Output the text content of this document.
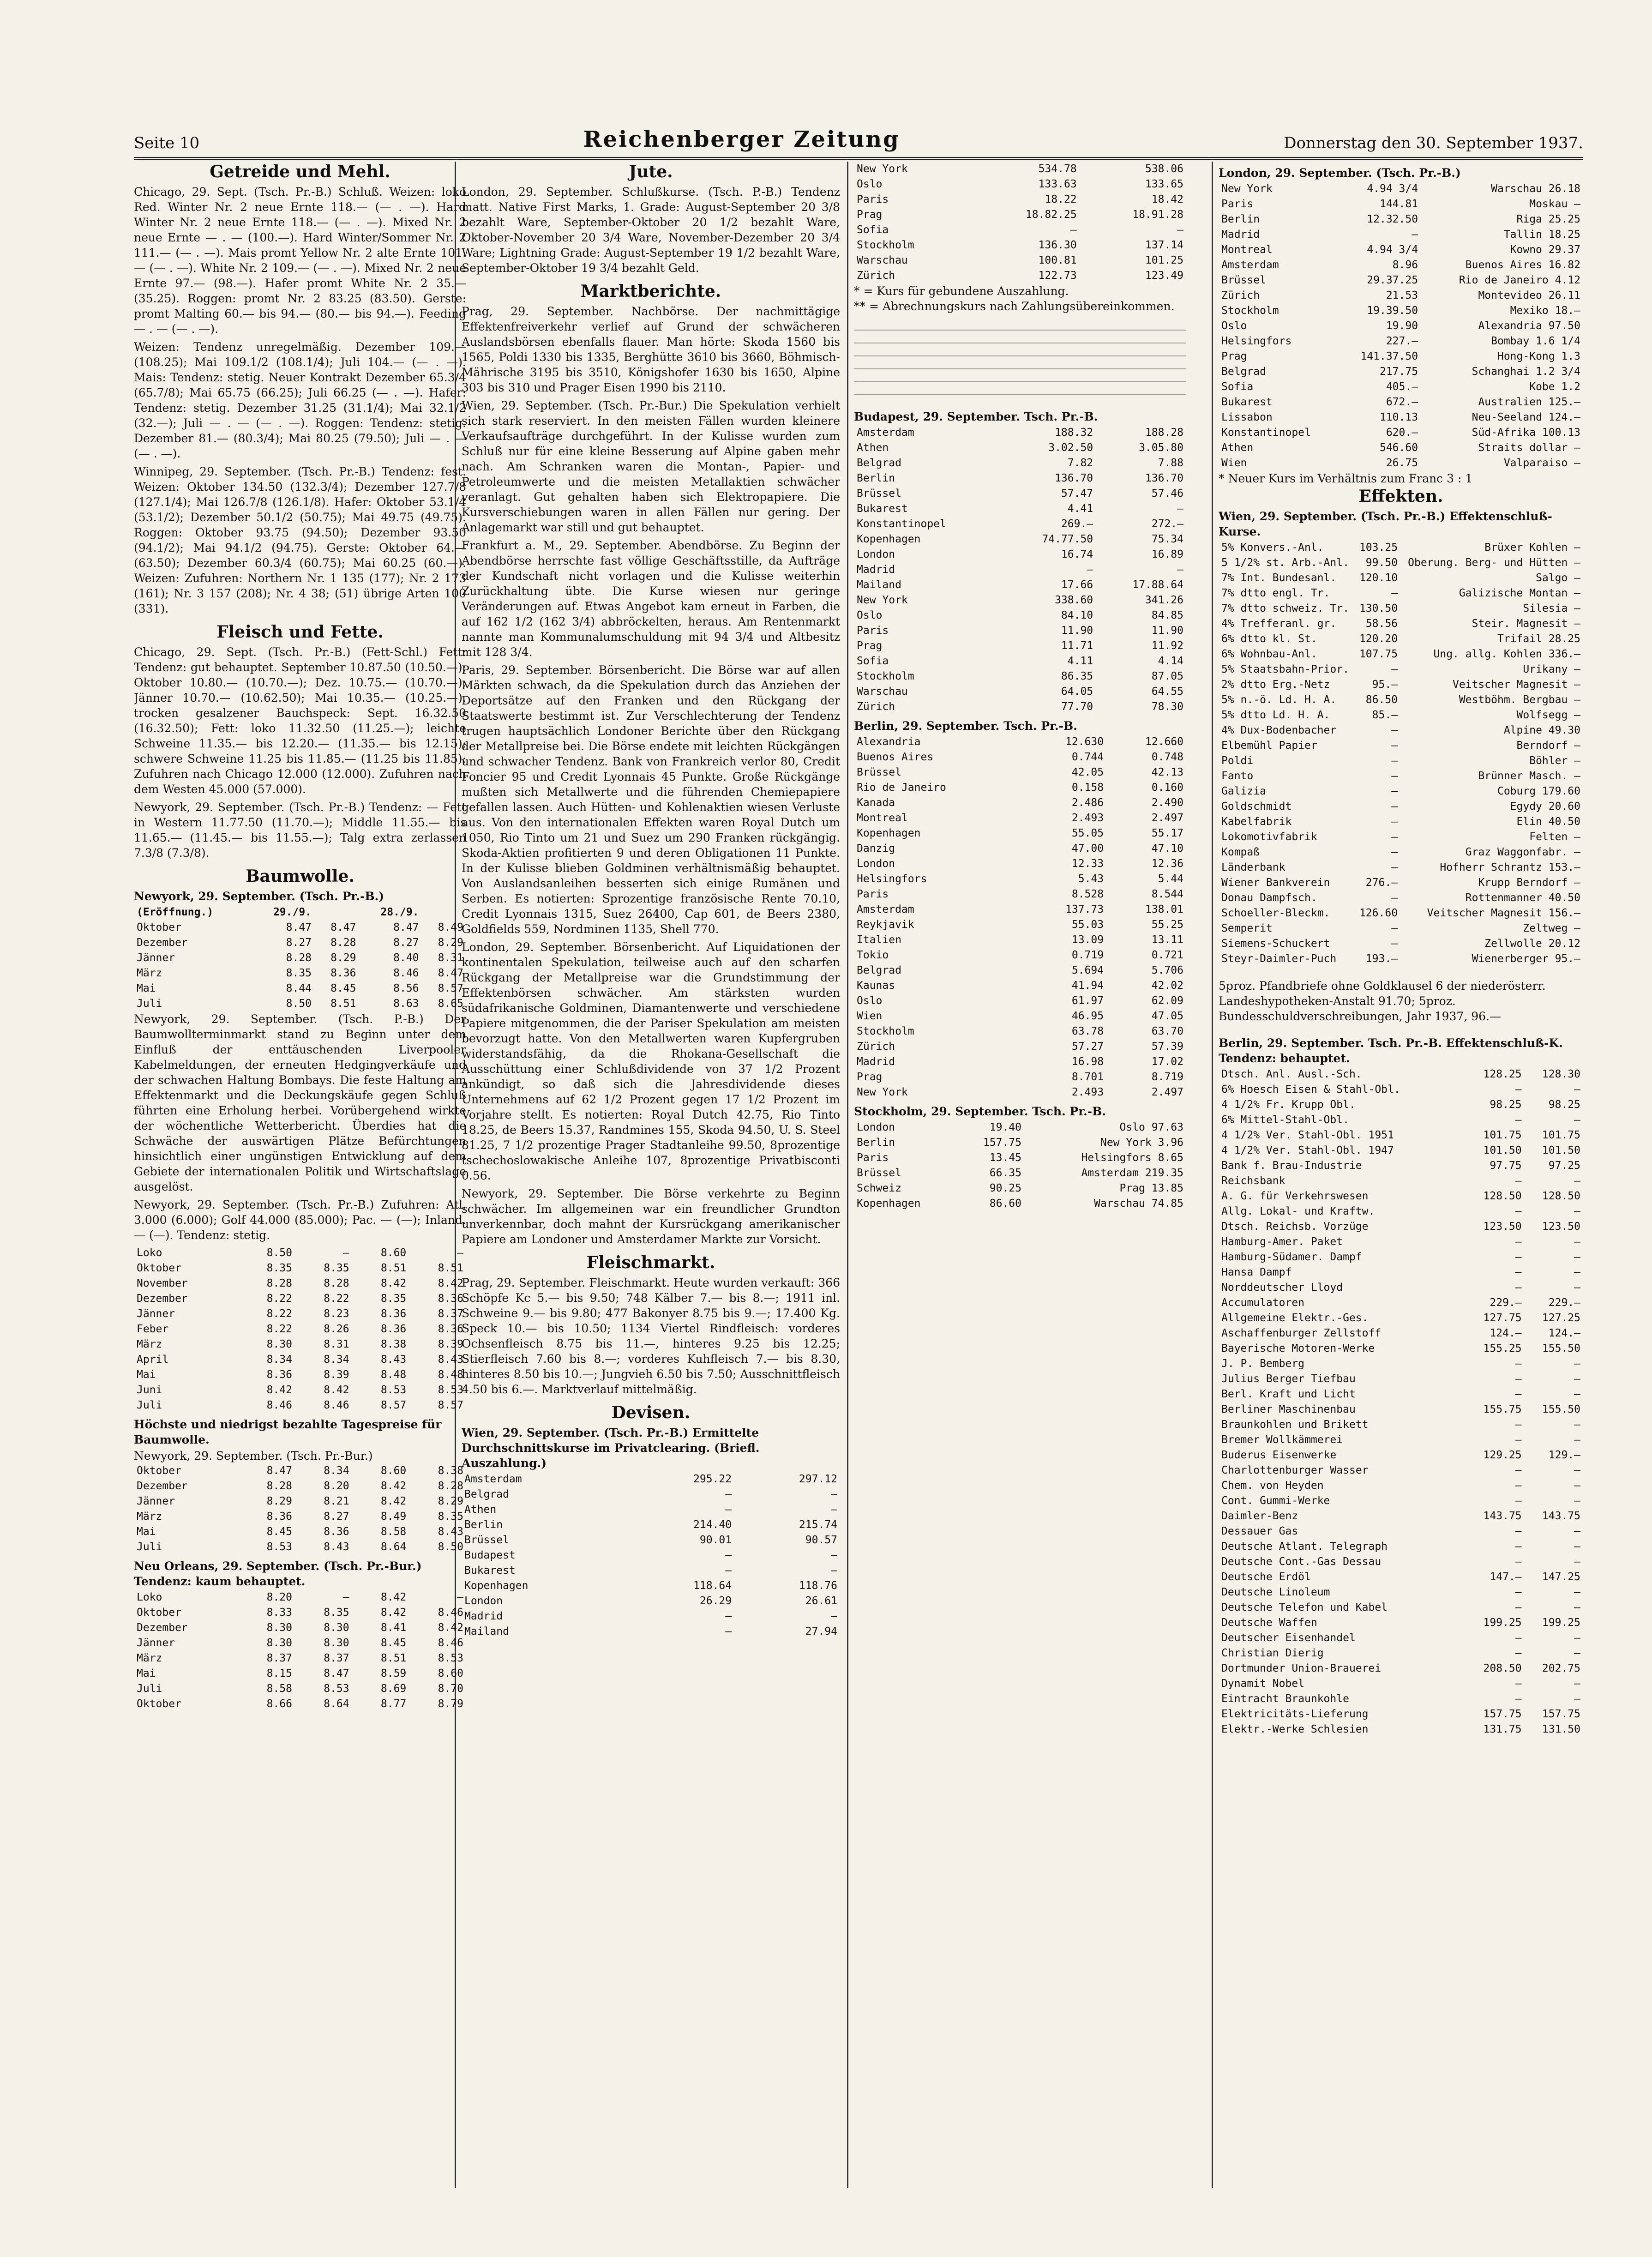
Seite 10	Reichenberger Zeitung	Donnerstag den 30. September 1937.
Getreide und Mehl.

Chicago, 29. Sept. (Tsch. Pr.-B.) Schluß. Weizen: loko Red. Winter Nr. 2 neue Ernte 118.— (— . —). Hard Winter Nr. 2 neue Ernte 118.— (— . —). Mixed Nr. 2 neue Ernte — . — (100.—). Hard Winter/Sommer Nr. 2 111.— (— . —). Mais promt Yellow Nr. 2 alte Ernte 101.— (— . —). White Nr. 2 109.— (— . —). Mixed Nr. 2 neue Ernte 97.— (98.—). Hafer promt White Nr. 2 35.— (35.25). Roggen: promt Nr. 2 83.25 (83.50). Gerste: promt Malting 60.— bis 94.— (80.— bis 94.—). Feeding — . — (— . —).

Weizen: Tendenz unregelmäßig. Dezember 109.— (108.25); Mai 109.1/2 (108.1/4); Juli 104.— (— . —). Mais: Tendenz: stetig. Neuer Kontrakt Dezember 65.3/4 (65.7/8); Mai 65.75 (66.25); Juli 66.25 (— . —). Hafer: Tendenz: stetig. Dezember 31.25 (31.1/4); Mai 32.1/2 (32.—); Juli — . — (— . —). Roggen: Tendenz: stetig. Dezember 81.— (80.3/4); Mai 80.25 (79.50); Juli — . — (— . —).

Winnipeg, 29. September. (Tsch. Pr.-B.) Tendenz: fest. Weizen: Oktober 134.50 (132.3/4); Dezember 127.7/8 (127.1/4); Mai 126.7/8 (126.1/8). Hafer: Oktober 53.1/4 (53.1/2); Dezember 50.1/2 (50.75); Mai 49.75 (49.75). Roggen: Oktober 93.75 (94.50); Dezember 93.50 (94.1/2); Mai 94.1/2 (94.75). Gerste: Oktober 64.— (63.50); Dezember 60.3/4 (60.75); Mai 60.25 (60.—). Weizen: Zufuhren: Northern Nr. 1 135 (177); Nr. 2 173 (161); Nr. 3 157 (208); Nr. 4 38; (51) übrige Arten 100 (331).

Fleisch und Fette.

Chicago, 29. Sept. (Tsch. Pr.-B.) (Fett-Schl.) Fett: Tendenz: gut behauptet. September 10.87.50 (10.50.—); Oktober 10.80.— (10.70.—); Dez. 10.75.— (10.70.—); Jänner 10.70.— (10.62.50); Mai 10.35.— (10.25.—). trocken gesalzener Bauchspeck: Sept. 16.32.50 (16.32.50); Fett: loko 11.32.50 (11.25.—); leichte Schweine 11.35.— bis 12.20.— (11.35.— bis 12.15); schwere Schweine 11.25 bis 11.85.— (11.25 bis 11.85); Zufuhren nach Chicago 12.000 (12.000). Zufuhren nach dem Westen 45.000 (57.000).

Newyork, 29. September. (Tsch. Pr.-B.) Tendenz: — Fett in Western 11.77.50 (11.70.—); Middle 11.55.— bis 11.65.— (11.45.— bis 11.55.—); Talg extra zerlassen 7.3/8 (7.3/8).

Baumwolle.
Newyork, 29. September. (Tsch. Pr.-B.)
(Eröffnung.)	29./9.		28./9.	
Oktober	8.47	8.47	8.47	8.49
Dezember	8.27	8.28	8.27	8.29
Jänner	8.28	8.29	8.40	8.31
März	8.35	8.36	8.46	8.47
Mai	8.44	8.45	8.56	8.57
Juli	8.50	8.51	8.63	8.65

Newyork, 29. September. (Tsch. P.-B.) Der Baumwollterminmarkt stand zu Beginn unter dem Einfluß der enttäuschenden Liverpooler Kabelmeldungen, der erneuten Hedgingverkäufe und der schwachen Haltung Bombays. Die feste Haltung am Effektenmarkt und die Deckungskäufe gegen Schluß führten eine Erholung herbei. Vorübergehend wirkte der wöchentliche Wetterbericht. Überdies hat die Schwäche der auswärtigen Plätze Befürchtungen hinsichtlich einer ungünstigen Entwicklung auf dem Gebiete der internationalen Politik und Wirtschaftslage ausgelöst.

Newyork, 29. September. (Tsch. Pr.-B.) Zufuhren: Atl. 3.000 (6.000); Golf 44.000 (85.000); Pac. — (—); Inland. — (—). Tendenz: stetig.

Loko	8.50	—	8.60	—
Oktober	8.35	8.35	8.51	8.51
November	8.28	8.28	8.42	8.42
Dezember	8.22	8.22	8.35	8.36
Jänner	8.22	8.23	8.36	8.37
Feber	8.22	8.26	8.36	8.36
März	8.30	8.31	8.38	8.39
April	8.34	8.34	8.43	8.43
Mai	8.36	8.39	8.48	8.48
Juni	8.42	8.42	8.53	8.53
Juli	8.46	8.46	8.57	8.57
Höchste und niedrigst bezahlte Tagespreise für Baumwolle.
Newyork, 29. September. (Tsch. Pr.-Bur.)
Oktober	8.47	8.34	8.60	8.38
Dezember	8.28	8.20	8.42	8.28
Jänner	8.29	8.21	8.42	8.29
März	8.36	8.27	8.49	8.35
Mai	8.45	8.36	8.58	8.43
Juli	8.53	8.43	8.64	8.50
Neu Orleans, 29. September. (Tsch. Pr.-Bur.) Tendenz: kaum behauptet.
Loko	8.20	—	8.42	—
Oktober	8.33	8.35	8.42	8.46
Dezember	8.30	8.30	8.41	8.42
Jänner	8.30	8.30	8.45	8.46
März	8.37	8.37	8.51	8.53
Mai	8.15	8.47	8.59	8.60
Juli	8.58	8.53	8.69	8.70
Oktober	8.66	8.64	8.77	8.79
Jute.

London, 29. September. Schlußkurse. (Tsch. P.-B.) Tendenz matt. Native First Marks, 1. Grade: August-September 20 3/8 bezahlt Ware, September-Oktober 20 1/2 bezahlt Ware, Oktober-November 20 3/4 Ware, November-Dezember 20 3/4 Ware; Lightning Grade: August-September 19 1/2 bezahlt Ware, September-Oktober 19 3/4 bezahlt Geld.

Marktberichte.

Prag, 29. September. Nachbörse. Der nachmittägige Effektenfreiverkehr verlief auf Grund der schwächeren Auslandsbörsen ebenfalls flauer. Man hörte: Skoda 1560 bis 1565, Poldi 1330 bis 1335, Berghütte 3610 bis 3660, Böhmisch-Mährische 3195 bis 3510, Königshofer 1630 bis 1650, Alpine 303 bis 310 und Prager Eisen 1990 bis 2110.

Wien, 29. September. (Tsch. Pr.-Bur.) Die Spekulation verhielt sich stark reserviert. In den meisten Fällen wurden kleinere Verkaufsaufträge durchgeführt. In der Kulisse wurden zum Schluß nur für eine kleine Besserung auf Alpine gaben mehr nach. Am Schranken waren die Montan-, Papier- und Petroleumwerte und die meisten Metallaktien schwächer veranlagt. Gut gehalten haben sich Elektropapiere. Die Kursverschiebungen waren in allen Fällen nur gering. Der Anlagemarkt war still und gut behauptet.

Frankfurt a. M., 29. September. Abendbörse. Zu Beginn der Abendbörse herrschte fast völlige Geschäftsstille, da Aufträge der Kundschaft nicht vorlagen und die Kulisse weiterhin Zurückhaltung übte. Die Kurse wiesen nur geringe Veränderungen auf. Etwas Angebot kam erneut in Farben, die auf 162 1/2 (162 3/4) abbröckelten, heraus. Am Rentenmarkt nannte man Kommunalumschuldung mit 94 3/4 und Altbesitz mit 128 3/4.

Paris, 29. September. Börsenbericht. Die Börse war auf allen Märkten schwach, da die Spekulation durch das Anziehen der Deportsätze auf den Franken und den Rückgang der Staatswerte bestimmt ist. Zur Verschlechterung der Tendenz trugen hauptsächlich Londoner Berichte über den Rückgang der Metallpreise bei. Die Börse endete mit leichten Rückgängen und schwacher Tendenz. Bank von Frankreich verlor 80, Credit Foncier 95 und Credit Lyonnais 45 Punkte. Große Rückgänge mußten sich Metallwerte und die führenden Chemiepapiere gefallen lassen. Auch Hütten- und Kohlenaktien wiesen Verluste aus. Von den internationalen Effekten waren Royal Dutch um 1050, Rio Tinto um 21 und Suez um 290 Franken rückgängig. Skoda-Aktien profitierten 9 und deren Obligationen 11 Punkte. In der Kulisse blieben Goldminen verhältnismäßig behauptet. Von Auslandsanleihen besserten sich einige Rumänen und Serben. Es notierten: Sprozentige französische Rente 70.10, Credit Lyonnais 1315, Suez 26400, Cap 601, de Beers 2380, Goldfields 559, Nordminen 1135, Shell 770.

London, 29. September. Börsenbericht. Auf Liquidationen der kontinentalen Spekulation, teilweise auch auf den scharfen Rückgang der Metallpreise war die Grundstimmung der Effektenbörsen schwächer. Am stärksten wurden südafrikanische Goldminen, Diamantenwerte und verschiedene Papiere mitgenommen, die der Pariser Spekulation am meisten bevorzugt hatte. Von den Metallwerten waren Kupfergruben widerstandsfähig, da die Rhokana-Gesellschaft die Ausschüttung einer Schlußdividende von 37 1/2 Prozent ankündigt, so daß sich die Jahresdividende dieses Unternehmens auf 62 1/2 Prozent gegen 17 1/2 Prozent im Vorjahre stellt. Es notierten: Royal Dutch 42.75, Rio Tinto 18.25, de Beers 15.37, Randmines 155, Skoda 94.50, U. S. Steel 81.25, 7 1/2 prozentige Prager Stadtanleihe 99.50, 8prozentige tschechoslowakische Anleihe 107, 8prozentige Privatbisconti 0.56.

Newyork, 29. September. Die Börse verkehrte zu Beginn schwächer. Im allgemeinen war ein freundlicher Grundton unverkennbar, doch mahnt der Kursrückgang amerikanischer Papiere am Londoner und Amsterdamer Markte zur Vorsicht.

Fleischmarkt.

Prag, 29. September. Fleischmarkt. Heute wurden verkauft: 366 Schöpfe Kc 5.— bis 9.50; 748 Kälber 7.— bis 8.—; 1911 inl. Schweine 9.— bis 9.80; 477 Bakonyer 8.75 bis 9.—; 17.400 Kg. Speck 10.— bis 10.50; 1134 Viertel Rindfleisch: vorderes Ochsenfleisch 8.75 bis 11.—, hinteres 9.25 bis 12.25; Stierfleisch 7.60 bis 8.—; vorderes Kuhfleisch 7.— bis 8.30, hinteres 8.50 bis 10.—; Jungvieh 6.50 bis 7.50; Ausschnittfleisch 4.50 bis 6.—. Marktverlauf mittelmäßig.

Devisen.
Wien, 29. September. (Tsch. Pr.-B.) Ermittelte Durchschnittskurse im Privatclearing. (Briefl. Auszahlung.)
Amsterdam	295.22	297.12
Belgrad	—	—
Athen	—	—
Berlin	214.40	215.74
Brüssel	90.01	90.57
Budapest	—	—
Bukarest	—	—
Kopenhagen	118.64	118.76
London	26.29	26.61
Madrid	—	—
Mailand	—	27.94
New York	534.78	538.06
Oslo	133.63	133.65
Paris	18.22	18.42
Prag	18.82.25	18.91.28
Sofia	—	—
Stockholm	136.30	137.14
Warschau	100.81	101.25
Zürich	122.73	123.49
* = Kurs für gebundene Auszahlung.
** = Abrechnungskurs nach Zahlungsübereinkommen.
Budapest, 29. September. Tsch. Pr.-B.
Amsterdam	188.32	188.28
Athen	3.02.50	3.05.80
Belgrad	7.82	7.88
Berlin	136.70	136.70
Brüssel	57.47	57.46
Bukarest	4.41	—
Konstantinopel	269.—	272.—
Kopenhagen	74.77.50	75.34
London	16.74	16.89
Madrid	—	—
Mailand	17.66	17.88.64
New York	338.60	341.26
Oslo	84.10	84.85
Paris	11.90	11.90
Prag	11.71	11.92
Sofia	4.11	4.14
Stockholm	86.35	87.05
Warschau	64.05	64.55
Zürich	77.70	78.30
Berlin, 29. September. Tsch. Pr.-B.
Alexandria	12.630	12.660
Buenos Aires	0.744	0.748
Brüssel	42.05	42.13
Rio de Janeiro	0.158	0.160
Kanada	2.486	2.490
Montreal	2.493	2.497
Kopenhagen	55.05	55.17
Danzig	47.00	47.10
London	12.33	12.36
Helsingfors	5.43	5.44
Paris	8.528	8.544
Amsterdam	137.73	138.01
Reykjavik	55.03	55.25
Italien	13.09	13.11
Tokio	0.719	0.721
Belgrad	5.694	5.706
Kaunas	41.94	42.02
Oslo	61.97	62.09
Wien	46.95	47.05
Stockholm	63.78	63.70
Zürich	57.27	57.39
Madrid	16.98	17.02
Prag	8.701	8.719
New York	2.493	2.497
Stockholm, 29. September. Tsch. Pr.-B.
London	19.40	Oslo 97.63
Berlin	157.75	New York 3.96
Paris	13.45	Helsingfors 8.65
Brüssel	66.35	Amsterdam 219.35
Schweiz	90.25	Prag 13.85
Kopenhagen	86.60	Warschau 74.85
London, 29. September. (Tsch. Pr.-B.)
New York	4.94 3/4	Warschau 26.18
Paris	144.81	Moskau —
Berlin	12.32.50	Riga 25.25
Madrid	—	Tallin 18.25
Montreal	4.94 3/4	Kowno 29.37
Amsterdam	8.96	Buenos Aires 16.82
Brüssel	29.37.25	Rio de Janeiro 4.12
Zürich	21.53	Montevideo 26.11
Stockholm	19.39.50	Mexiko 18.—
Oslo	19.90	Alexandria 97.50
Helsingfors	227.—	Bombay 1.6 1/4
Prag	141.37.50	Hong-Kong 1.3
Belgrad	217.75	Schanghai 1.2 3/4
Sofia	405.—	Kobe 1.2
Bukarest	672.—	Australien 125.—
Lissabon	110.13	Neu-Seeland 124.—
Konstantinopel	620.—	Süd-Afrika 100.13
Athen	546.60	Straits dollar —
Wien	26.75	Valparaiso —
* Neuer Kurs im Verhältnis zum Franc 3 : 1
Effekten.
Wien, 29. September. (Tsch. Pr.-B.) Effektenschluß-Kurse.
5% Konvers.-Anl.	103.25	Brüxer Kohlen —
5 1/2% st. Arb.-Anl.	99.50	Oberung. Berg- und Hütten —
7% Int. Bundesanl.	120.10	Salgo —
7% dtto engl. Tr.	—	Galizische Montan —
7% dtto schweiz. Tr.	130.50	Silesia —
4% Trefferanl. gr.	58.56	Steir. Magnesit —
6% dtto kl. St.	120.20	Trifail 28.25
6% Wohnbau-Anl.	107.75	Ung. allg. Kohlen 336.—
5% Staatsbahn-Prior.	—	Urikany —
2% dtto Erg.-Netz	95.—	Veitscher Magnesit —
5% n.-ö. Ld. H. A.	86.50	Westböhm. Bergbau —
5% dtto Ld. H. A.	85.—	Wolfsegg —
4% Dux-Bodenbacher	—	Alpine 49.30
Elbemühl Papier	—	Berndorf —
Poldi	—	Böhler —
Fanto	—	Brünner Masch. —
Galizia	—	Coburg 179.60
Goldschmidt	—	Egydy 20.60
Kabelfabrik	—	Elin 40.50
Lokomotivfabrik	—	Felten —
Kompaß	—	Graz Waggonfabr. —
Länderbank	—	Hofherr Schrantz 153.—
Wiener Bankverein	276.—	Krupp Berndorf —
Donau Dampfsch.	—	Rottenmanner 40.50
Schoeller-Bleckm.	126.60	Veitscher Magnesit 156.—
Semperit	—	Zeltweg —
Siemens-Schuckert	—	Zellwolle 20.12
Steyr-Daimler-Puch	193.—	Wienerberger 95.—

5proz. Pfandbriefe ohne Goldklausel 6 der niederösterr. Landeshypotheken-Anstalt 91.70; 5proz. Bundesschuldverschreibungen, Jahr 1937, 96.—

Berlin, 29. September. Tsch. Pr.-B. Effektenschluß-K. Tendenz: behauptet.
Dtsch. Anl. Ausl.-Sch.	128.25	128.30
6% Hoesch Eisen & Stahl-Obl.	—	—
4 1/2% Fr. Krupp Obl.	98.25	98.25
6% Mittel-Stahl-Obl.	—	—
4 1/2% Ver. Stahl-Obl. 1951	101.75	101.75
4 1/2% Ver. Stahl-Obl. 1947	101.50	101.50
Bank f. Brau-Industrie	97.75	97.25
Reichsbank	—	—
A. G. für Verkehrswesen	128.50	128.50
Allg. Lokal- und Kraftw.	—	—
Dtsch. Reichsb. Vorzüge	123.50	123.50
Hamburg-Amer. Paket	—	—
Hamburg-Südamer. Dampf	—	—
Hansa Dampf	—	—
Norddeutscher Lloyd	—	—
Accumulatoren	229.—	229.—
Allgemeine Elektr.-Ges.	127.75	127.25
Aschaffenburger Zellstoff	124.—	124.—
Bayerische Motoren-Werke	155.25	155.50
J. P. Bemberg	—	—
Julius Berger Tiefbau	—	—
Berl. Kraft und Licht	—	—
Berliner Maschinenbau	155.75	155.50
Braunkohlen und Brikett	—	—
Bremer Wollkämmerei	—	—
Buderus Eisenwerke	129.25	129.—
Charlottenburger Wasser	—	—
Chem. von Heyden	—	—
Cont. Gummi-Werke	—	—
Daimler-Benz	143.75	143.75
Dessauer Gas	—	—
Deutsche Atlant. Telegraph	—	—
Deutsche Cont.-Gas Dessau	—	—
Deutsche Erdöl	147.—	147.25
Deutsche Linoleum	—	—
Deutsche Telefon und Kabel	—	—
Deutsche Waffen	199.25	199.25
Deutscher Eisenhandel	—	—
Christian Dierig	—	—
Dortmunder Union-Brauerei	208.50	202.75
Dynamit Nobel	—	—
Eintracht Braunkohle	—	—
Elektricitäts-Lieferung	157.75	157.75
Elektr.-Werke Schlesien	131.75	131.50
